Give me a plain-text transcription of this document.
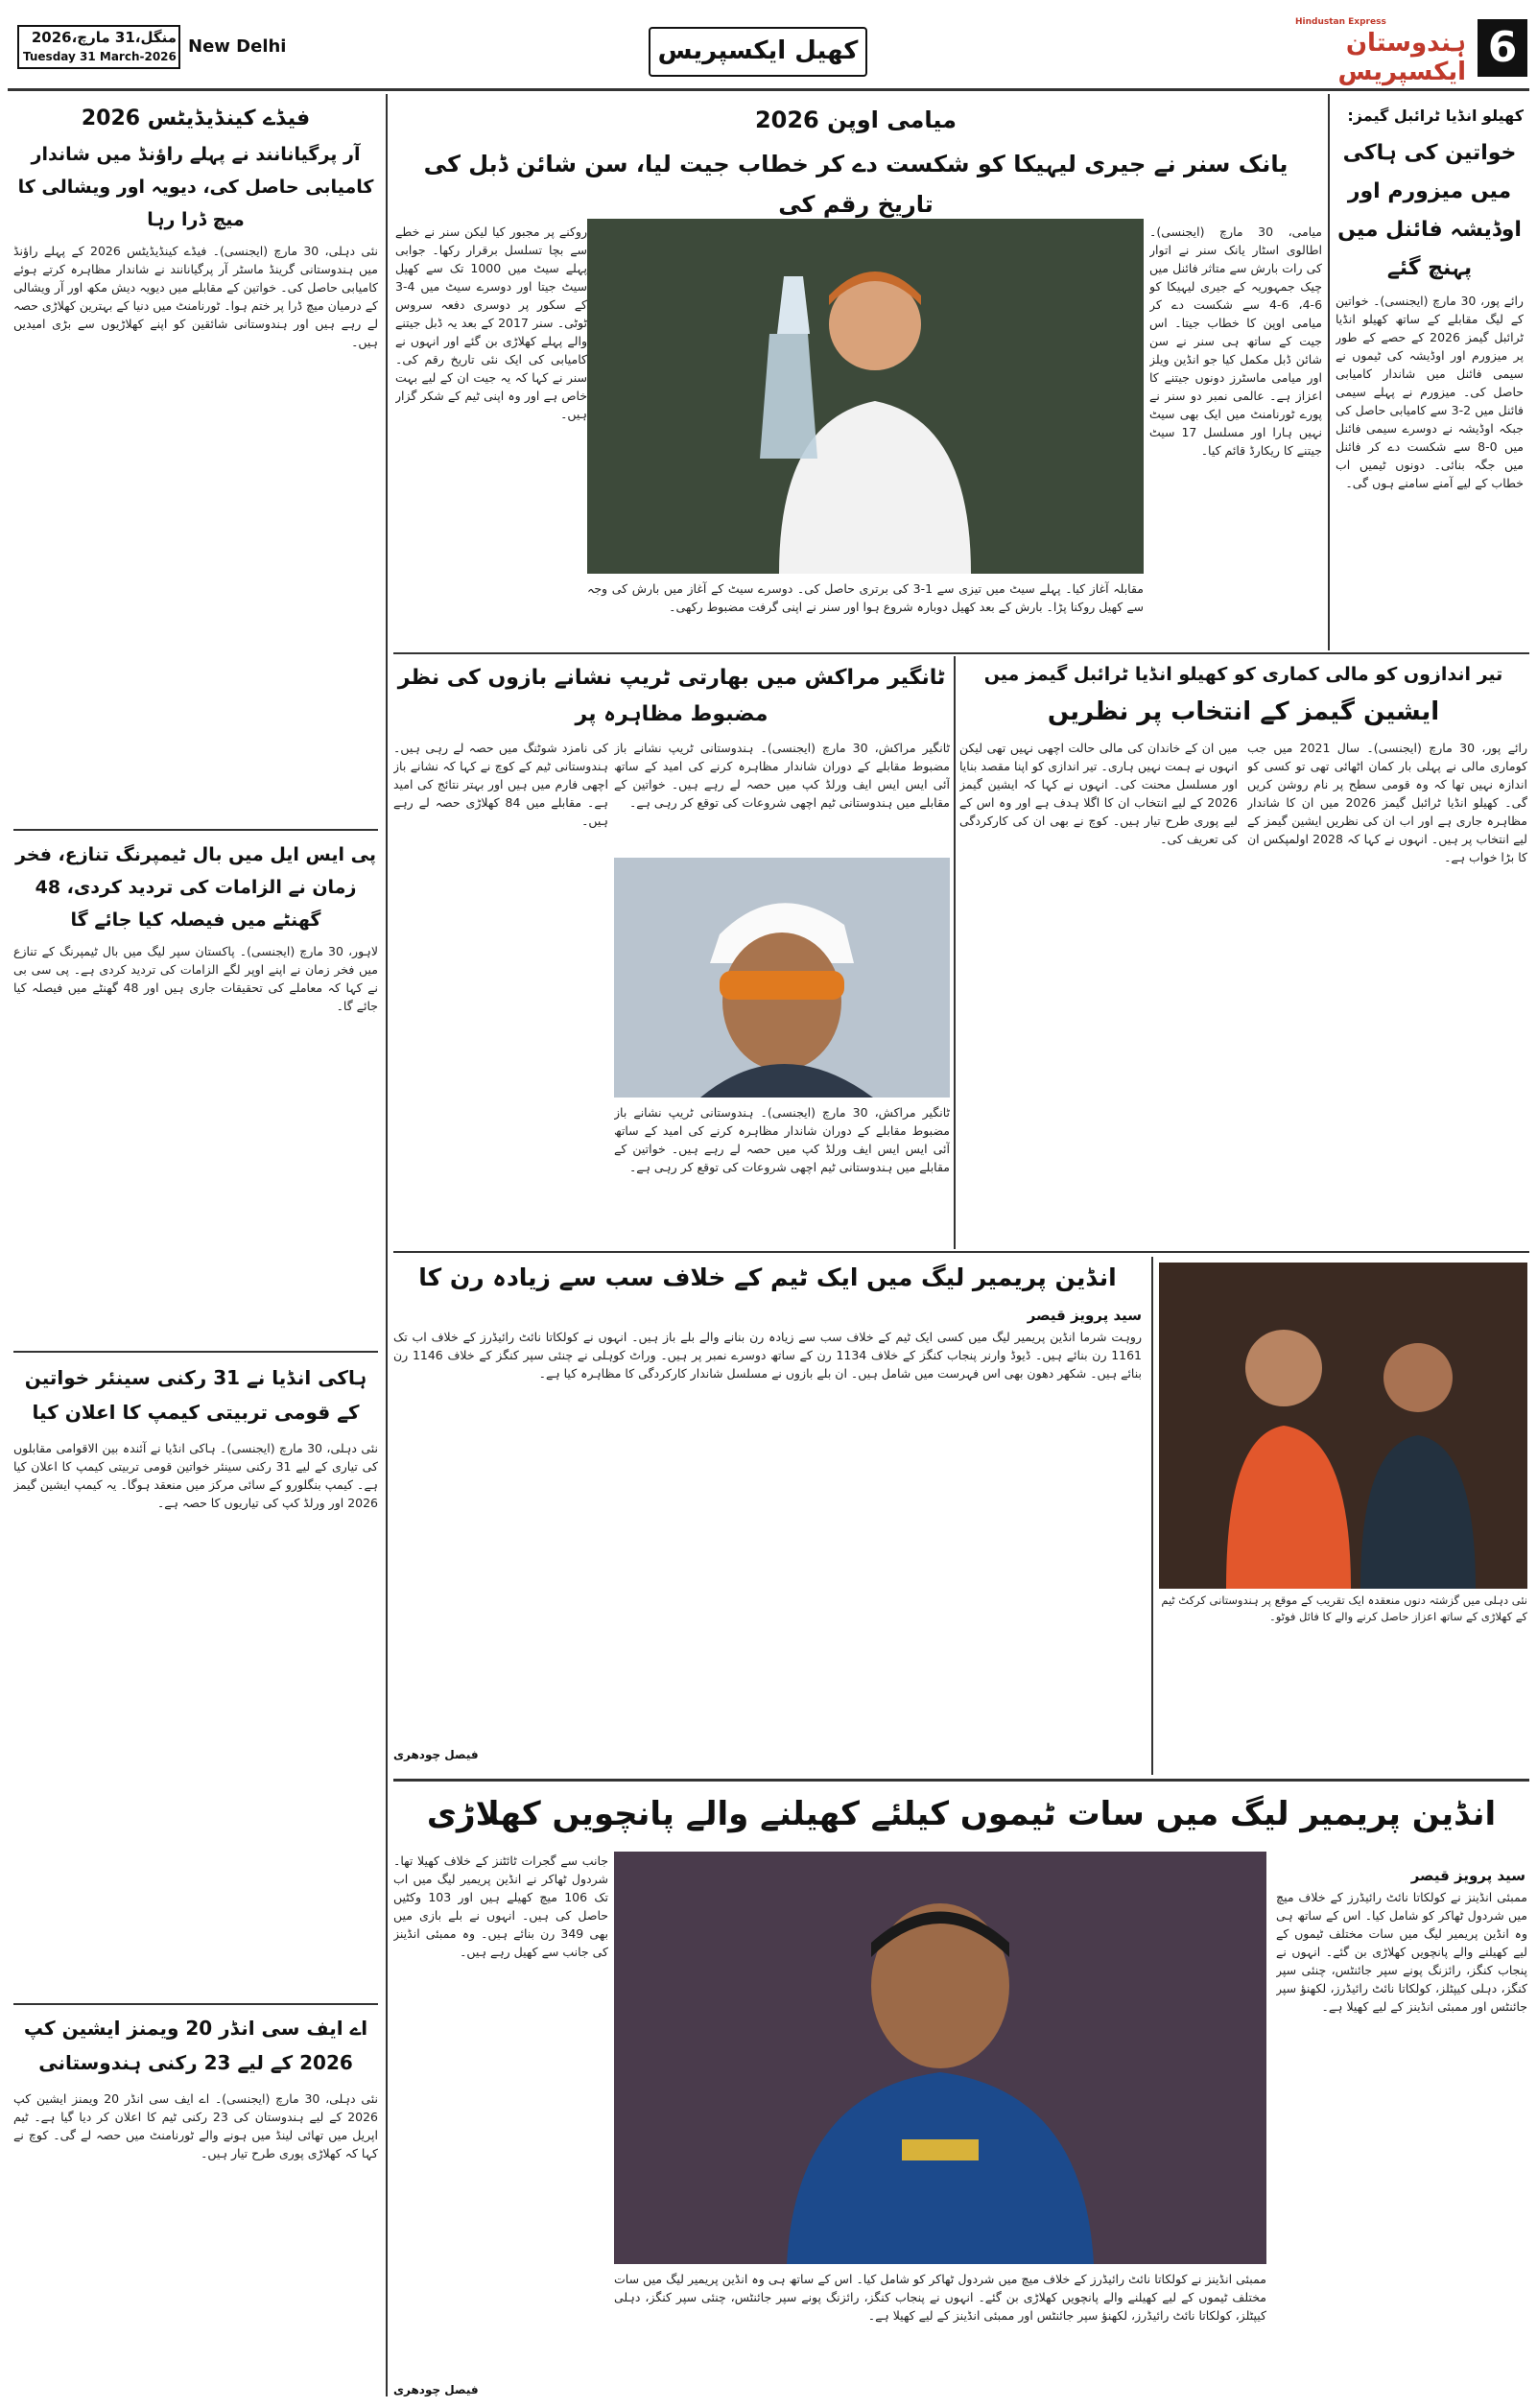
منگل،31 مارچ،2026
Tuesday 31 March-2026 New Delhi	کھیل ایکسپریس
Hindustan Express
ہندوستان ایکسپریس 6
فیڈے کینڈیڈیٹس 2026
آر پرگیانانند نے پہلے راؤنڈ میں شاندار کامیابی حاصل کی، دیویہ اور ویشالی کا میچ ڈرا رہا
نئی دہلی، 30 مارچ (ایجنسی)۔ فیڈے کینڈیڈیٹس 2026 کے پہلے راؤنڈ میں ہندوستانی گرینڈ ماسٹر آر پرگیانانند نے شاندار مظاہرہ کرتے ہوئے کامیابی حاصل کی۔ خواتین کے مقابلے میں دیویہ دیش مکھ اور آر ویشالی کے درمیان میچ ڈرا پر ختم ہوا۔ ٹورنامنٹ میں دنیا کے بہترین کھلاڑی حصہ لے رہے ہیں اور ہندوستانی شائقین کو اپنے کھلاڑیوں سے بڑی امیدیں ہیں۔
پی ایس ایل میں بال ٹیمپرنگ تنازع، فخر زمان نے الزامات کی تردید کردی، 48 گھنٹے میں فیصلہ کیا جائے گا
لاہور، 30 مارچ (ایجنسی)۔ پاکستان سپر لیگ میں بال ٹیمپرنگ کے تنازع میں فخر زمان نے اپنے اوپر لگے الزامات کی تردید کردی ہے۔ پی سی بی نے کہا کہ معاملے کی تحقیقات جاری ہیں اور 48 گھنٹے میں فیصلہ کیا جائے گا۔
ہاکی انڈیا نے 31 رکنی سینئر خواتین کے قومی تربیتی کیمپ کا اعلان کیا
نئی دہلی، 30 مارچ (ایجنسی)۔ ہاکی انڈیا نے آئندہ بین الاقوامی مقابلوں کی تیاری کے لیے 31 رکنی سینئر خواتین قومی تربیتی کیمپ کا اعلان کیا ہے۔ کیمپ بنگلورو کے سائی مرکز میں منعقد ہوگا۔ یہ کیمپ ایشین گیمز 2026 اور ورلڈ کپ کی تیاریوں کا حصہ ہے۔
اے ایف سی انڈر 20 ویمنز ایشین کپ 2026 کے لیے 23 رکنی ہندوستانی
نئی دہلی، 30 مارچ (ایجنسی)۔ اے ایف سی انڈر 20 ویمنز ایشین کپ 2026 کے لیے ہندوستان کی 23 رکنی ٹیم کا اعلان کر دیا گیا ہے۔ ٹیم اپریل میں تھائی لینڈ میں ہونے والے ٹورنامنٹ میں حصہ لے گی۔ کوچ نے کہا کہ کھلاڑی پوری طرح تیار ہیں۔
میامی اوپن 2026
یانک سنر نے جیری لیہیکا کو شکست دے کر خطاب جیت لیا، سن شائن ڈبل کی تاریخ رقم کی
روکنے پر مجبور کیا لیکن سنر نے خطے سے بچا تسلسل برقرار رکھا۔ جوابی پہلے سیٹ میں 1000 تک سے کھیل سیٹ جیتا اور دوسرے سیٹ میں 4-3 کے سکور پر دوسری دفعہ سروس ٹوٹی۔ سنر 2017 کے بعد یہ ڈبل جیتنے والے پہلے کھلاڑی بن گئے اور انہوں نے کامیابی کی ایک نئی تاریخ رقم کی۔ سنر نے کہا کہ یہ جیت ان کے لیے بہت خاص ہے اور وہ اپنی ٹیم کے شکر گزار ہیں۔
مقابلہ آغاز کیا۔ پہلے سیٹ میں تیزی سے 1-3 کی برتری حاصل کی۔ دوسرے سیٹ کے آغاز میں بارش کی وجہ سے کھیل روکنا پڑا۔ بارش کے بعد کھیل دوبارہ شروع ہوا اور سنر نے اپنی گرفت مضبوط رکھی۔
میامی، 30 مارچ (ایجنسی)۔ اطالوی اسٹار یانک سنر نے اتوار کی رات بارش سے متاثر فائنل میں چیک جمہوریہ کے جیری لیہیکا کو 6-4، 6-4 سے شکست دے کر میامی اوپن کا خطاب جیتا۔ اس جیت کے ساتھ ہی سنر نے سن شائن ڈبل مکمل کیا جو انڈین ویلز اور میامی ماسٹرز دونوں جیتنے کا اعزاز ہے۔ عالمی نمبر دو سنر نے پورے ٹورنامنٹ میں ایک بھی سیٹ نہیں ہارا اور مسلسل 17 سیٹ جیتنے کا ریکارڈ قائم کیا۔
کھیلو انڈیا ٹرائبل گیمز:
خواتین کی ہاکی میں میزورم اور اوڈیشہ فائنل میں پہنچ گئے
رائے پور، 30 مارچ (ایجنسی)۔ خواتین کے لیگ مقابلے کے ساتھ کھیلو انڈیا ٹرائبل گیمز 2026 کے حصے کے طور پر میزورم اور اوڈیشہ کی ٹیموں نے سیمی فائنل میں شاندار کامیابی حاصل کی۔ میزورم نے پہلے سیمی فائنل میں 2-3 سے کامیابی حاصل کی جبکہ اوڈیشہ نے دوسرے سیمی فائنل میں 0-8 سے شکست دے کر فائنل میں جگہ بنائی۔ دونوں ٹیمیں اب خطاب کے لیے آمنے سامنے ہوں گی۔
تیر اندازوں کو مالی کماری کو کھیلو انڈیا ٹرائبل گیمز میں
ایشین گیمز کے انتخاب پر نظریں
میں ان کے خاندان کی مالی حالت اچھی نہیں تھی لیکن انہوں نے ہمت نہیں ہاری۔ تیر اندازی کو اپنا مقصد بنایا اور مسلسل محنت کی۔ انہوں نے کہا کہ ایشین گیمز 2026 کے لیے انتخاب ان کا اگلا ہدف ہے اور وہ اس کے لیے پوری طرح تیار ہیں۔ کوچ نے بھی ان کی کارکردگی کی تعریف کی۔
رائے پور، 30 مارچ (ایجنسی)۔ سال 2021 میں جب کوماری مالی نے پہلی بار کمان اٹھائی تھی تو کسی کو اندازہ نہیں تھا کہ وہ قومی سطح پر نام روشن کریں گی۔ کھیلو انڈیا ٹرائبل گیمز 2026 میں ان کا شاندار مظاہرہ جاری ہے اور اب ان کی نظریں ایشین گیمز کے لیے انتخاب پر ہیں۔ انہوں نے کہا کہ 2028 اولمپکس ان کا بڑا خواب ہے۔
ٹانگیر مراکش میں بھارتی ٹریپ نشانے بازوں کی نظر مضبوط مظاہرہ پر
ٹانگیر مراکش، 30 مارچ (ایجنسی)۔ ہندوستانی ٹریپ نشانے باز مضبوط مقابلے کے دوران شاندار مظاہرہ کرنے کی امید کے ساتھ آئی ایس ایس ایف ورلڈ کپ میں حصہ لے رہے ہیں۔ خواتین کے مقابلے میں ہندوستانی ٹیم اچھی شروعات کی توقع کر رہی ہے۔
کی نامزد شوٹنگ میں حصہ لے رہی ہیں۔ ہندوستانی ٹیم کے کوچ نے کہا کہ نشانے باز اچھی فارم میں ہیں اور بہتر نتائج کی امید ہے۔ مقابلے میں 84 کھلاڑی حصہ لے رہے ہیں۔
ٹانگیر مراکش، 30 مارچ (ایجنسی)۔ ہندوستانی ٹریپ نشانے باز مضبوط مقابلے کے دوران شاندار مظاہرہ کرنے کی امید کے ساتھ آئی ایس ایس ایف ورلڈ کپ میں حصہ لے رہے ہیں۔ خواتین کے مقابلے میں ہندوستانی ٹیم اچھی شروعات کی توقع کر رہی ہے۔
انڈین پریمیر لیگ میں ایک ٹیم کے خلاف سب سے زیادہ رن کا
سید پرویز قیصر
روہت شرما انڈین پریمیر لیگ میں کسی ایک ٹیم کے خلاف سب سے زیادہ رن بنانے والے بلے باز ہیں۔ انہوں نے کولکاتا نائٹ رائیڈرز کے خلاف اب تک 1161 رن بنائے ہیں۔ ڈیوڈ وارنر پنجاب کنگز کے خلاف 1134 رن کے ساتھ دوسرے نمبر پر ہیں۔ وراٹ کوہلی نے چنئی سپر کنگز کے خلاف 1146 رن بنائے ہیں۔ شکھر دھون بھی اس فہرست میں شامل ہیں۔ ان بلے بازوں نے مسلسل شاندار کارکردگی کا مظاہرہ کیا ہے۔
فیصل چودھری
نئی دہلی میں گزشتہ دنوں منعقدہ ایک تقریب کے موقع پر ہندوستانی کرکٹ ٹیم کے کھلاڑی کے ساتھ اعزاز حاصل کرنے والے کا فائل فوٹو۔
انڈین پریمیر لیگ میں سات ٹیموں کیلئے کھیلنے والے پانچویں کھلاڑی
سید پرویز قیصر
ممبئی انڈینز نے کولکاتا نائٹ رائیڈرز کے خلاف میچ میں شردول ٹھاکر کو شامل کیا۔ اس کے ساتھ ہی وہ انڈین پریمیر لیگ میں سات مختلف ٹیموں کے لیے کھیلنے والے پانچویں کھلاڑی بن گئے۔ انہوں نے پنجاب کنگز، رائزنگ پونے سپر جائنٹس، چنئی سپر کنگز، دہلی کیپٹلز، کولکاتا نائٹ رائیڈرز، لکھنؤ سپر جائنٹس اور ممبئی انڈینز کے لیے کھیلا ہے۔
جانب سے گجرات ٹائٹنز کے خلاف کھیلا تھا۔ شردول ٹھاکر نے انڈین پریمیر لیگ میں اب تک 106 میچ کھیلے ہیں اور 103 وکٹیں حاصل کی ہیں۔ انہوں نے بلے بازی میں بھی 349 رن بنائے ہیں۔ وہ ممبئی انڈینز کی جانب سے کھیل رہے ہیں۔
ممبئی انڈینز نے کولکاتا نائٹ رائیڈرز کے خلاف میچ میں شردول ٹھاکر کو شامل کیا۔ اس کے ساتھ ہی وہ انڈین پریمیر لیگ میں سات مختلف ٹیموں کے لیے کھیلنے والے پانچویں کھلاڑی بن گئے۔ انہوں نے پنجاب کنگز، رائزنگ پونے سپر جائنٹس، چنئی سپر کنگز، دہلی کیپٹلز، کولکاتا نائٹ رائیڈرز، لکھنؤ سپر جائنٹس اور ممبئی انڈینز کے لیے کھیلا ہے۔
فیصل چودھری
